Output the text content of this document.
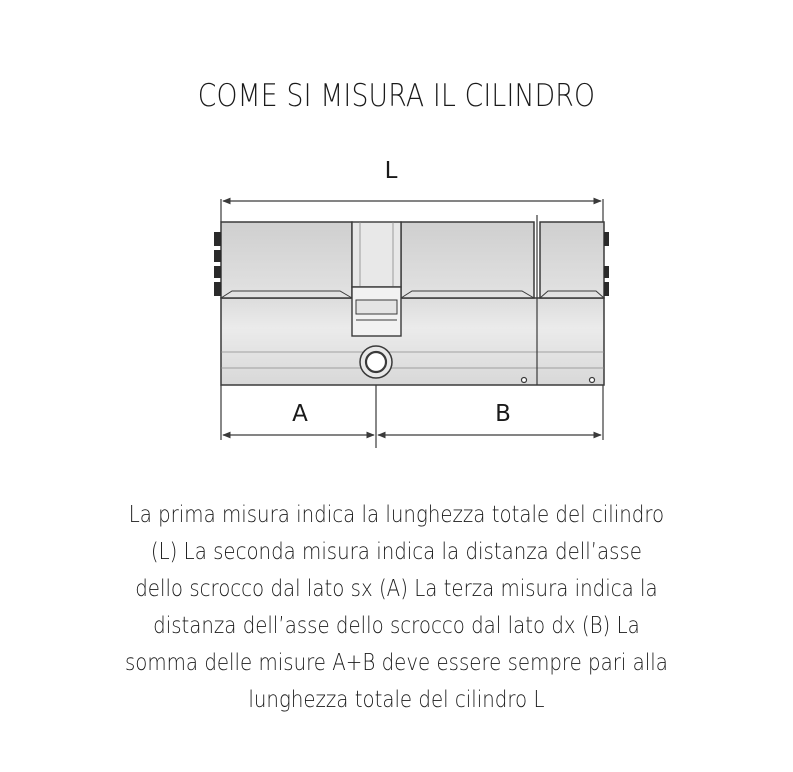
COME SI MISURA IL CILINDRO
L
A	B
La prima misura indica la lunghezza totale del cilindro (L) La seconda misura indica la distanza dell’asse dello scrocco dal lato sx (A) La terza misura indica la distanza dell’asse dello scrocco dal lato dx (B) La somma delle misure A+B deve essere sempre pari alla lunghezza totale del cilindro L
